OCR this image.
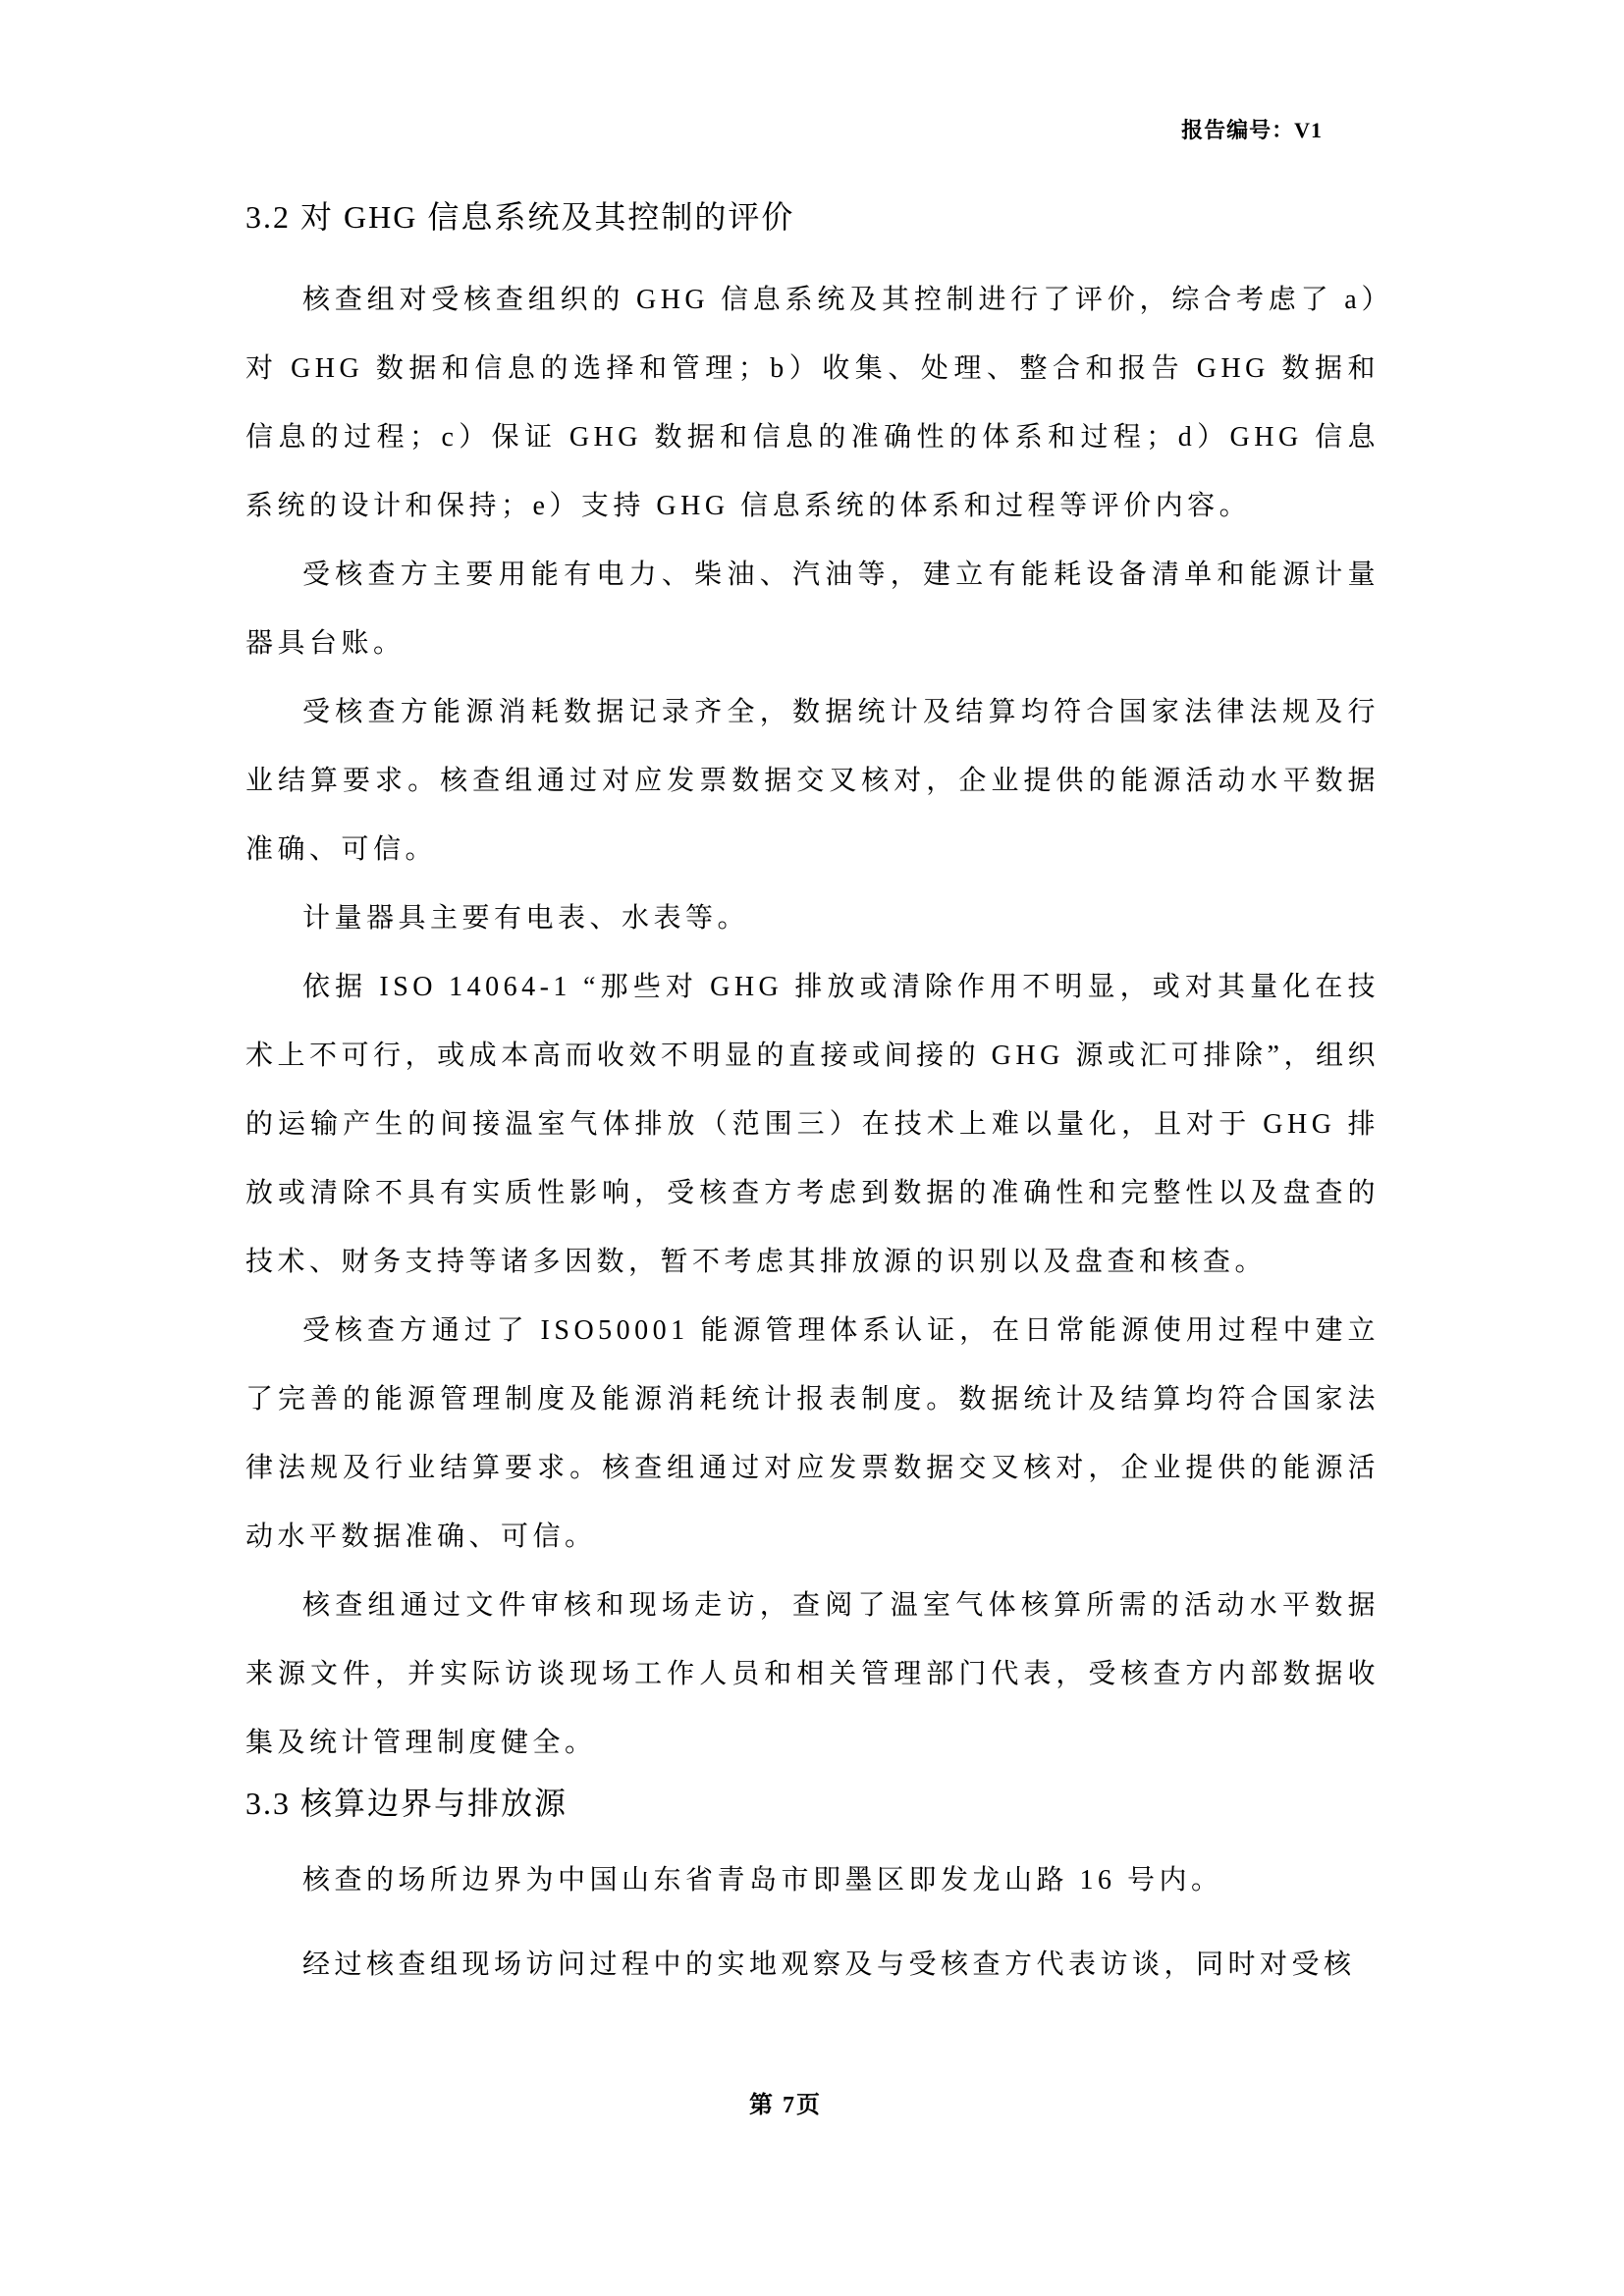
报告编号：V1
3.2 对 GHG 信息系统及其控制的评价

核查组对受核查组织的 GHG 信息系统及其控制进行了评价，综合考虑了 a）对 GHG 数据和信息的选择和管理；b）收集、处理、整合和报告 GHG 数据和信息的过程；c）保证 GHG 数据和信息的准确性的体系和过程；d）GHG 信息系统的设计和保持；e）支持 GHG 信息系统的体系和过程等评价内容。

受核查方主要用能有电力、柴油、汽油等，建立有能耗设备清单和能源计量器具台账。

受核查方能源消耗数据记录齐全，数据统计及结算均符合国家法律法规及行业结算要求。核查组通过对应发票数据交叉核对，企业提供的能源活动水平数据准确、可信。

计量器具主要有电表、水表等。

依据 ISO 14064-1 “那些对 GHG 排放或清除作用不明显，或对其量化在技术上不可行，或成本高而收效不明显的直接或间接的 GHG 源或汇可排除”，组织的运输产生的间接温室气体排放（范围三）在技术上难以量化，且对于 GHG 排放或清除不具有实质性影响，受核查方考虑到数据的准确性和完整性以及盘查的技术、财务支持等诸多因数，暂不考虑其排放源的识别以及盘查和核查。

受核查方通过了 ISO50001 能源管理体系认证，在日常能源使用过程中建立了完善的能源管理制度及能源消耗统计报表制度。数据统计及结算均符合国家法律法规及行业结算要求。核查组通过对应发票数据交叉核对，企业提供的能源活动水平数据准确、可信。

核查组通过文件审核和现场走访，查阅了温室气体核算所需的活动水平数据来源文件，并实际访谈现场工作人员和相关管理部门代表，受核查方内部数据收集及统计管理制度健全。

3.3 核算边界与排放源

核查的场所边界为中国山东省青岛市即墨区即发龙山路 16 号内。

经过核查组现场访问过程中的实地观察及与受核查方代表访谈，同时对受核

第 7页
